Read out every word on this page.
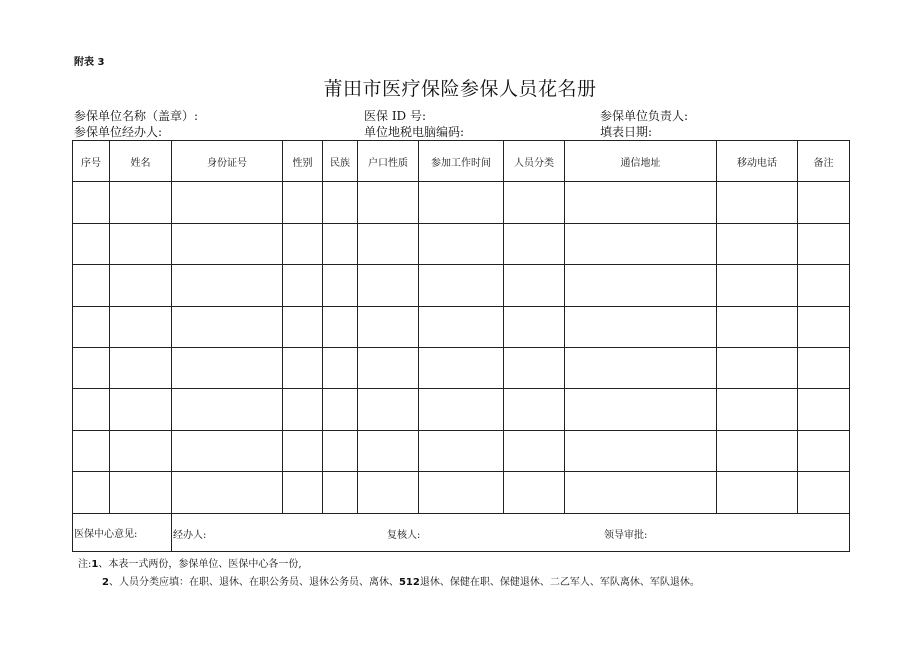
附表 3
莆田市医疗保险参保人员花名册
参保单位名称（盖章）:	医保 ID 号:	参保单位负责人:
参保单位经办人:	单位地税电脑编码:	填表日期:
序号	姓名	身份证号	性别	民族	户口性质	参加工作时间	人员分类	通信地址	移动电话	备注

医保中心意见:											经办人:	复核人:	领导审批:
注:1、本表一式两份，参保单位、医保中心各一份,
2、人员分类应填：在职、退休、在职公务员、退休公务员、离休、512退休、保健在职、保健退休、二乙军人、军队离休、军队退休。
